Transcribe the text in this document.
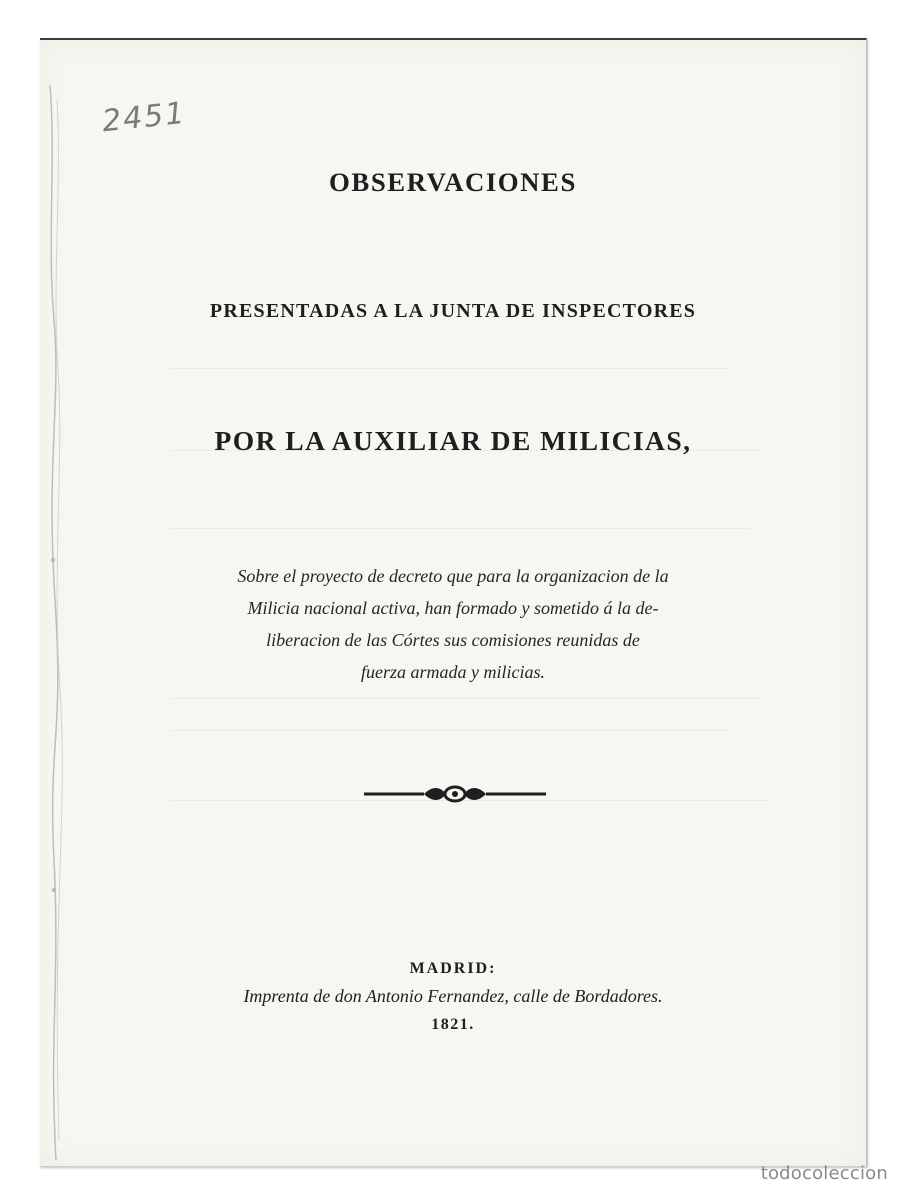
2451
OBSERVACIONES
PRESENTADAS A LA JUNTA DE INSPECTORES
POR LA AUXILIAR DE MILICIAS,
Sobre el proyecto de decreto que para la organizacion de la
Milicia nacional activa, han formado y sometido á la de-
liberacion de las Córtes sus comisiones reunidas de
fuerza armada y milicias.
MADRID:
Imprenta de don Antonio Fernandez, calle de Bordadores.
1821.
todocoleccion
